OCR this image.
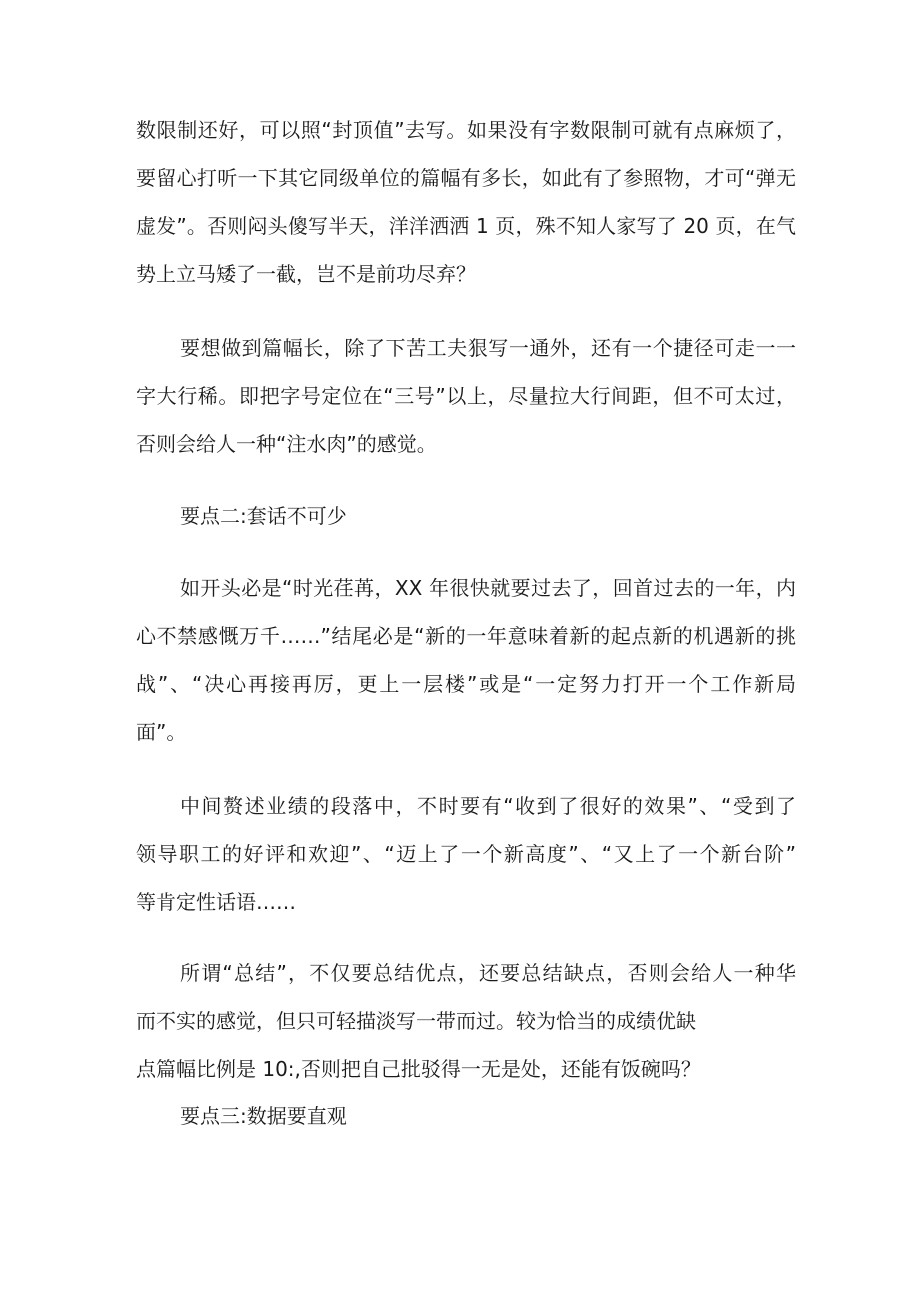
数限制还好，可以照“封顶值”去写。如果没有字数限制可就有点麻烦了，
要留心打听一下其它同级单位的篇幅有多长，如此有了参照物，才可“弹无
虚发”。否则闷头傻写半天，洋洋洒洒 1 页，殊不知人家写了 20 页，在气
势上立马矮了一截，岂不是前功尽弃？
要想做到篇幅长，除了下苦工夫狠写一通外，还有一个捷径可走一一
字大行稀。即把字号定位在“三号”以上，尽量拉大行间距，但不可太过，
否则会给人一种“注水肉”的感觉。
要点二:套话不可少
如开头必是“时光荏苒，XX 年很快就要过去了，回首过去的一年，内
心不禁感慨万千……”结尾必是“新的一年意味着新的起点新的机遇新的挑
战”、“决心再接再厉，更上一层楼”或是“一定努力打开一个工作新局
面”。
中间赘述业绩的段落中，不时要有“收到了很好的效果”、“受到了
领导职工的好评和欢迎”、“迈上了一个新高度”、“又上了一个新台阶”
等肯定性话语……
所谓“总结”，不仅要总结优点，还要总结缺点，否则会给人一种华
而不实的感觉，但只可轻描淡写一带而过。较为恰当的成绩优缺
点篇幅比例是 10:,否则把自己批驳得一无是处，还能有饭碗吗？
要点三:数据要直观
